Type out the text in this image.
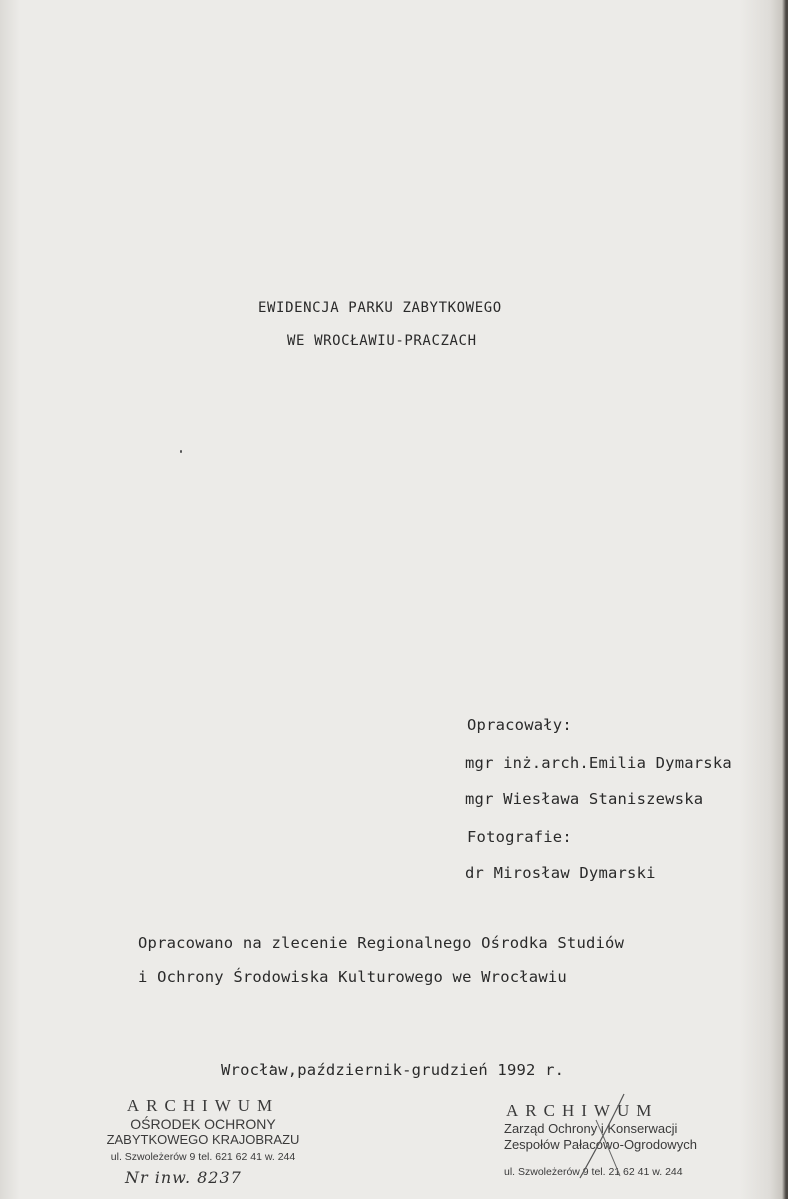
EWIDENCJA PARKU ZABYTKOWEGO
WE WROCŁAWIU-PRACZACH
Opracowały:
mgr inż.arch.Emilia Dymarska
mgr Wiesława Staniszewska
Fotografie:
dr Mirosław Dymarski
Opracowano na zlecenie Regionalnego Ośrodka Studiów
i Ochrony Środowiska Kulturowego we Wrocławiu
Wrocław,październik-grudzień 1992 r.
ARCHIWUM
OŚRODEK OCHRONY
ZABYTKOWEGO KRAJOBRAZU
ul. Szwoleżerów 9 tel. 621 62 41 w. 244
ARCHIWUM
Zarząd Ochrony i Konserwacji
Zespołów Pałacowo-Ogrodowych
ul. Szwoleżerów 9 tel. 21 62 41 w. 244
Nr inw. 8237
